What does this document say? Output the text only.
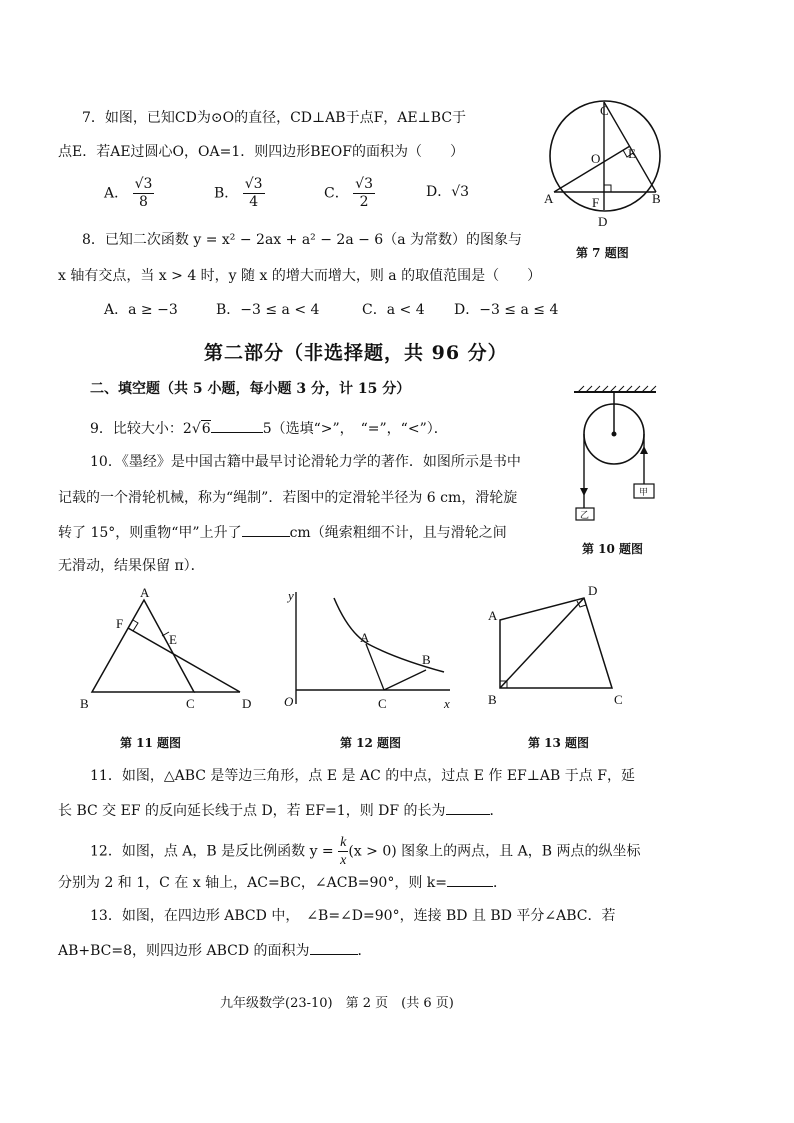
7．如图，已知CD为⊙O的直径，CD⊥AB于点F，AE⊥BC于
点E．若AE过圆心O，OA=1．则四边形BEOF的面积为（　　）
A． $\frac{√3}{8}$	B． $\frac{√3}{4}$	C． $\frac{√3}{2}$	D．√3
C
O E
A	F	B
D
第 7 题图
8．已知二次函数 y = x² − 2ax + a² − 2a − 6（a 为常数）的图象与
x 轴有交点，当 x > 4 时，y 随 x 的增大而增大，则 a 的取值范围是（　　）
A．a ≥ −3	B．−3 ≤ a < 4	C．a < 4 D．−3 ≤ a ≤ 4
第二部分（非选择题，共 96 分）
二、填空题（共 5 小题，每小题 3 分，计 15 分）
9．比较大小：2√6	5（选填“>”，　“=”，“<”）．
10．《墨经》是中国古籍中最早讨论滑轮力学的著作．如图所示是书中
记载的一个滑轮机械，称为“绳制”．若图中的定滑轮半径为 6 cm，滑轮旋
转了 15°，则重物“甲”上升了	cm（绳索粗细不计，且与滑轮之间
无滑动，结果保留 π）．
乙
甲
第 10 题图
A
F
E
B	C	D
第 11 题图
y
A
B
O	C	x
第 12 题图
D
A
B	C
第 13 题图
11．如图，△ABC 是等边三角形，点 E 是 AC 的中点，过点 E 作 EF⊥AB 于点 F，延
长 BC 交 EF 的反向延长线于点 D，若 EF=1，则 DF 的长为	．
12．如图，点 A，B 是反比例函数 $y = \frac{k}{x} (x > 0)$ 图象上的两点，且 A，B 两点的纵坐标
分别为 2 和 1，C 在 x 轴上，AC=BC，∠ACB=90°，则 k=	．
13．如图，在四边形 ABCD 中，　∠B=∠D=90°，连接 BD 且 BD 平分∠ABC．若
AB+BC=8，则四边形 ABCD 的面积为	．
九年级数学(23-10)　第 2 页　(共 6 页)
